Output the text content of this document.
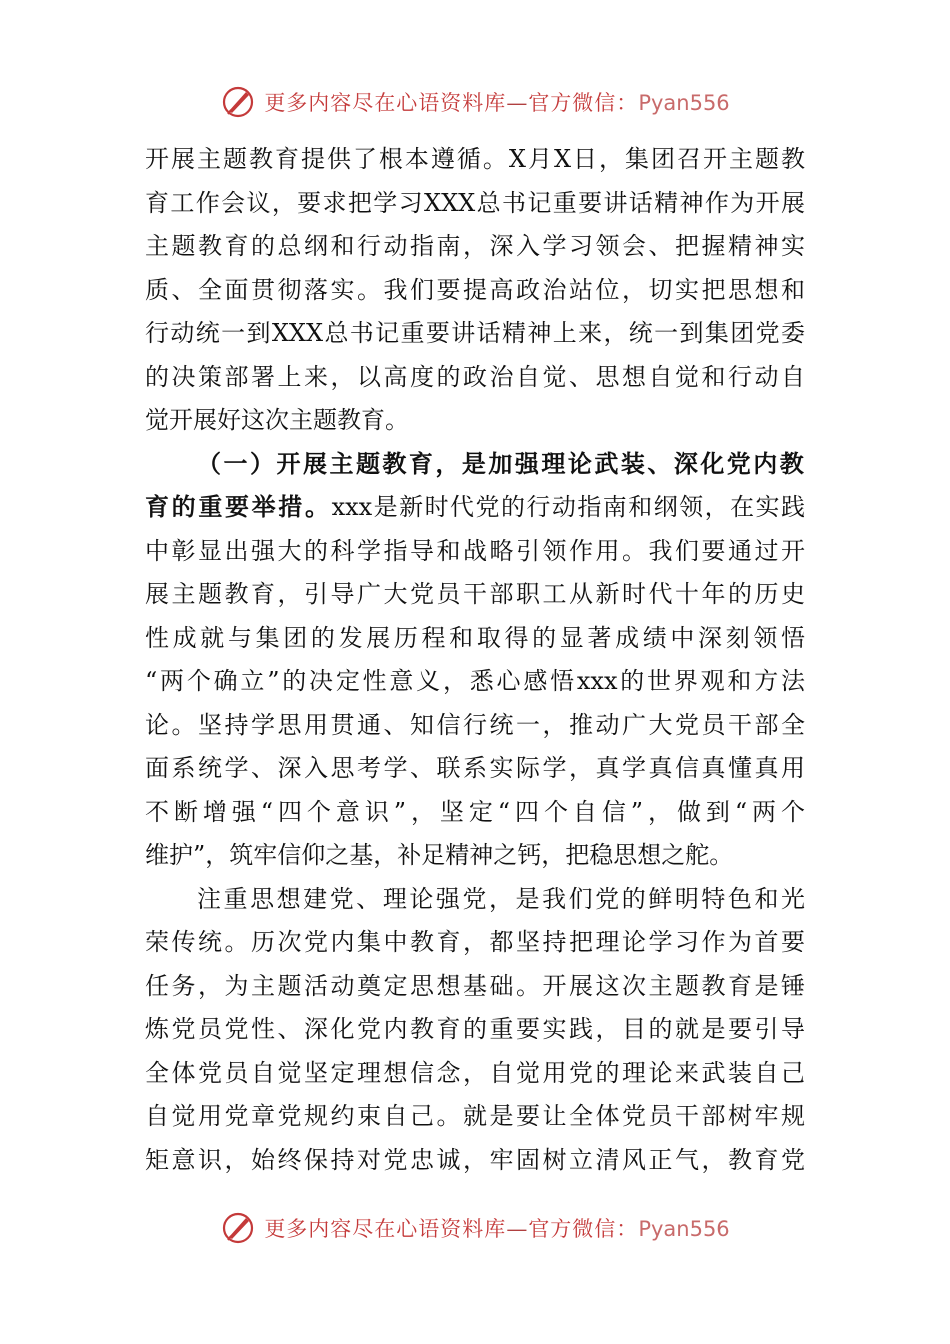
更多内容尽在心语资料库—官方微信：Pyan556
开展主题教育提供了根本遵循。X月X日，集团召开主题教
育工作会议，要求把学习XXX总书记重要讲话精神作为开展
主题教育的总纲和行动指南，深入学习领会、把握精神实
质、全面贯彻落实。我们要提高政治站位，切实把思想和
行动统一到XXX总书记重要讲话精神上来，统一到集团党委
的决策部署上来，以高度的政治自觉、思想自觉和行动自
觉开展好这次主题教育。
（一）开展主题教育，是加强理论武装、深化党内教
育的重要举措。xxx是新时代党的行动指南和纲领，在实践
中彰显出强大的科学指导和战略引领作用。我们要通过开
展主题教育，引导广大党员干部职工从新时代十年的历史
性成就与集团的发展历程和取得的显著成绩中深刻领悟
“两个确立”的决定性意义，悉心感悟xxx的世界观和方法
论。坚持学思用贯通、知信行统一，推动广大党员干部全
面系统学、深入思考学、联系实际学，真学真信真懂真用
不断增强“四个意识”，坚定“四个自信”，做到“两个
维护”，筑牢信仰之基，补足精神之钙，把稳思想之舵。
注重思想建党、理论强党，是我们党的鲜明特色和光
荣传统。历次党内集中教育，都坚持把理论学习作为首要
任务，为主题活动奠定思想基础。开展这次主题教育是锤
炼党员党性、深化党内教育的重要实践，目的就是要引导
全体党员自觉坚定理想信念，自觉用党的理论来武装自己
自觉用党章党规约束自己。就是要让全体党员干部树牢规
矩意识，始终保持对党忠诚，牢固树立清风正气，教育党
更多内容尽在心语资料库—官方微信：Pyan556
